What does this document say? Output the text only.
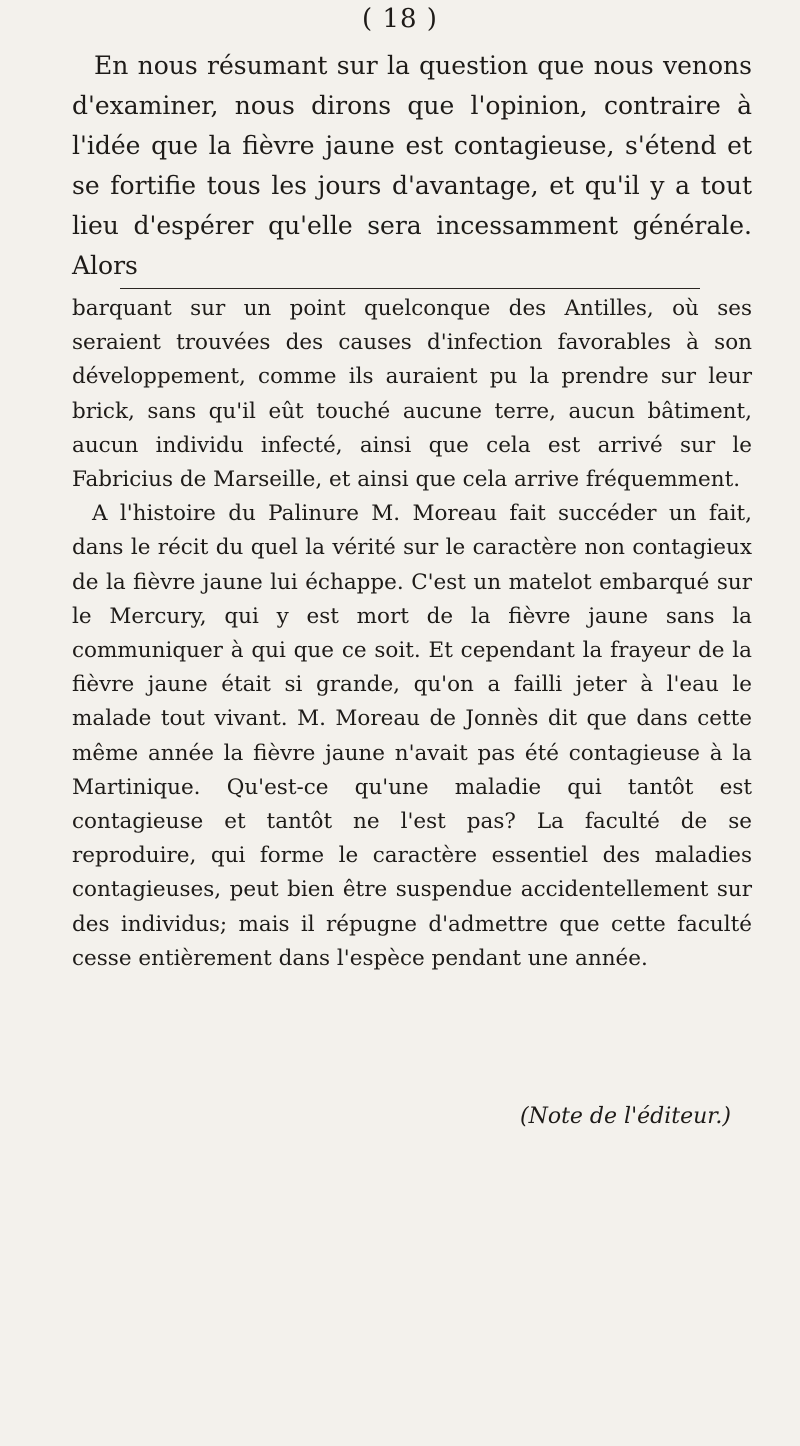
( 18 )

En nous résumant sur la question que nous venons d'examiner, nous dirons que l'opinion, contraire à l'idée que la fièvre jaune est contagieuse, s'étend et se fortifie tous les jours d'avantage, et qu'il y a tout lieu d'espérer qu'elle sera incessamment générale. Alors

barquant sur un point quelconque des Antilles, où ses seraient trouvées des causes d'infection favorables à son développement, comme ils auraient pu la prendre sur leur brick, sans qu'il eût touché aucune terre, aucun bâtiment, aucun individu infecté, ainsi que cela est arrivé sur le Fabricius de Marseille, et ainsi que cela arrive fréquemment.

A l'histoire du Palinure M. Moreau fait succéder un fait, dans le récit du quel la vérité sur le caractère non contagieux de la fièvre jaune lui échappe. C'est un matelot embarqué sur le Mercury, qui y est mort de la fièvre jaune sans la communiquer à qui que ce soit. Et cependant la frayeur de la fièvre jaune était si grande, qu'on a failli jeter à l'eau le malade tout vivant. M. Moreau de Jonnès dit que dans cette même année la fièvre jaune n'avait pas été contagieuse à la Martinique. Qu'est-ce qu'une maladie qui tantôt est contagieuse et tantôt ne l'est pas? La faculté de se reproduire, qui forme le caractère essentiel des maladies contagieuses, peut bien être suspendue accidentellement sur des individus; mais il répugne d'admettre que cette faculté cesse entièrement dans l'espèce pendant une année.

(Note de l'éditeur.)
